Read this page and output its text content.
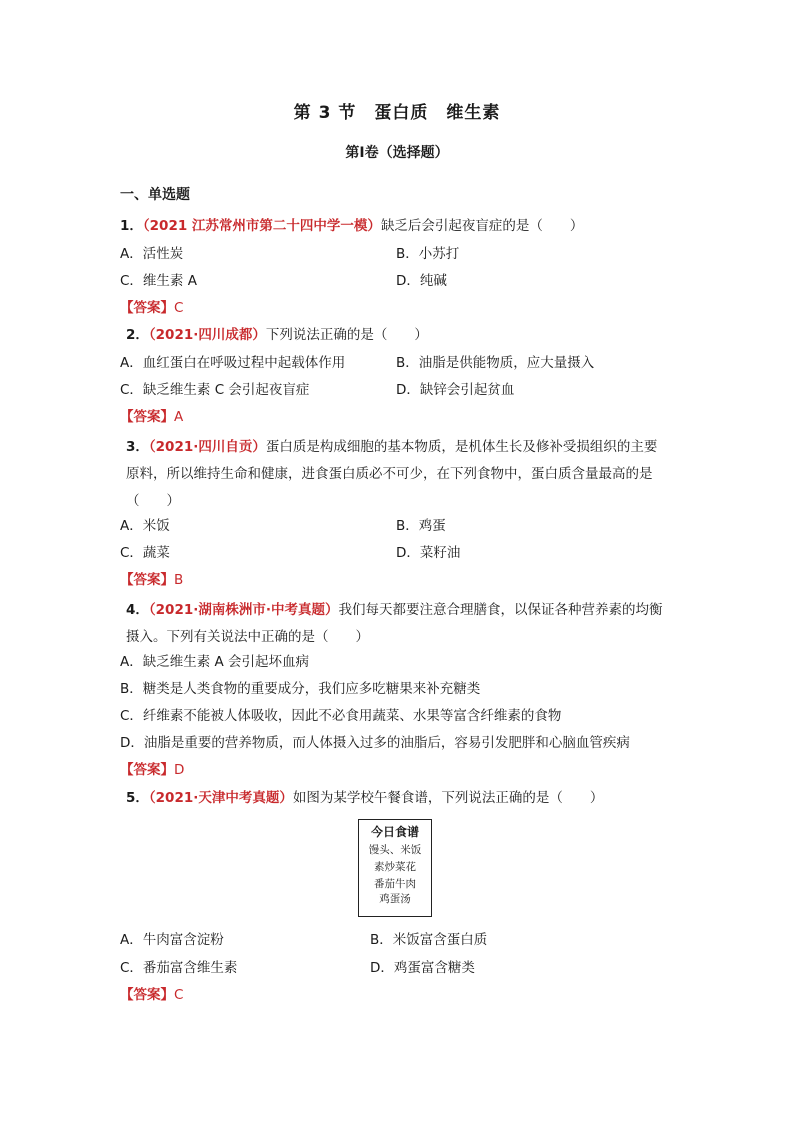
第 3 节　蛋白质　维生素
第I卷（选择题）
一、单选题
1．（2021 江苏常州市第二十四中学一模）缺乏后会引起夜盲症的是（　　）
A．活性炭	B．小苏打
C．维生素 A	D．纯碱
【答案】C
2．（2021·四川成都）下列说法正确的是（　　）
A．血红蛋白在呼吸过程中起载体作用	B．油脂是供能物质，应大量摄入
C．缺乏维生素 C 会引起夜盲症	D．缺锌会引起贫血
【答案】A
3．（2021·四川自贡）蛋白质是构成细胞的基本物质，是机体生长及修补受损组织的主要原料，所以维持生命和健康，进食蛋白质必不可少，在下列食物中，蛋白质含量最高的是（　　）
A．米饭	B．鸡蛋
C．蔬菜	D．菜籽油
【答案】B
4．（2021·湖南株洲市·中考真题）我们每天都要注意合理膳食，以保证各种营养素的均衡摄入。下列有关说法中正确的是（　　）
A．缺乏维生素 A 会引起坏血病
B．糖类是人类食物的重要成分，我们应多吃糖果来补充糖类
C．纤维素不能被人体吸收，因此不必食用蔬菜、水果等富含纤维素的食物
D．油脂是重要的营养物质，而人体摄入过多的油脂后，容易引发肥胖和心脑血管疾病
【答案】D
5．（2021·天津中考真题）如图为某学校午餐食谱，下列说法正确的是（　　）
今日食谱
馒头、米饭
素炒菜花
番茄牛肉
鸡蛋汤
A．牛肉富含淀粉	B．米饭富含蛋白质
C．番茄富含维生素	D．鸡蛋富含糖类
【答案】C
